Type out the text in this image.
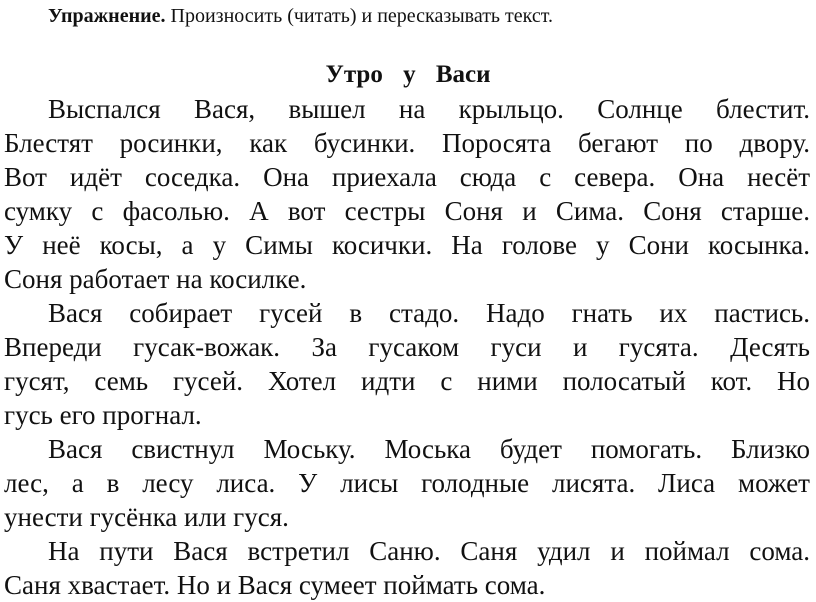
Упражнение. Произносить (читать) и пересказывать текст.
Утро у Васи
Выспался Вася, вышел на крыльцо. Солнце блестит.
Блестят росинки, как бусинки. Поросята бегают по двору.
Вот идёт соседка. Она приехала сюда с севера. Она несёт
сумку с фасолью. А вот сестры Соня и Сима. Соня старше.
У неё косы, а у Симы косички. На голове у Сони косынка.
Соня работает на косилке.
Вася собирает гусей в стадо. Надо гнать их пастись.
Впереди гусак-вожак. За гусаком гуси и гусята. Десять
гусят, семь гусей. Хотел идти с ними полосатый кот. Но
гусь его прогнал.
Вася свистнул Моську. Моська будет помогать. Близко
лес, а в лесу лиса. У лисы голодные лисята. Лиса может
унести гусёнка или гуся.
На пути Вася встретил Саню. Саня удил и поймал сома.
Саня хвастает. Но и Вася сумеет поймать сома.
